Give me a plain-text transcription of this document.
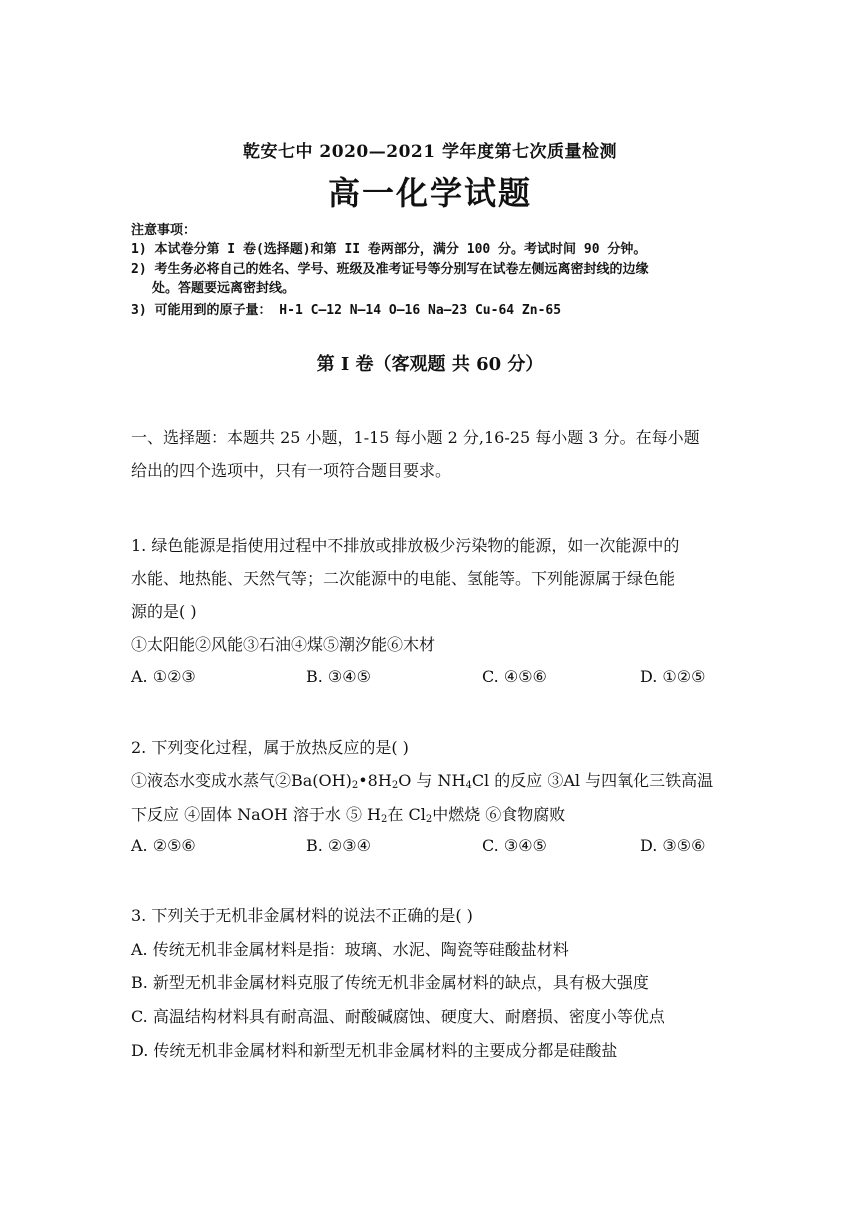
乾安七中 2020—2021 学年度第七次质量检测
高一化学试题
注意事项：
1) 本试卷分第 I 卷(选择题)和第 II 卷两部分，满分 100 分。考试时间 90 分钟。
2) 考生务必将自己的姓名、学号、班级及准考证号等分别写在试卷左侧远离密封线的边缘
处。答题要远离密封线。
3) 可能用到的原子量： H-1 C—12 N—14 O—16 Na—23 Cu-64 Zn-65
第 I 卷（客观题 共 60 分）
一、选择题：本题共 25 小题，1-15 每小题 2 分,16-25 每小题 3 分。在每小题
给出的四个选项中，只有一项符合题目要求。
1. 绿色能源是指使用过程中不排放或排放极少污染物的能源，如一次能源中的
水能、地热能、天然气等；二次能源中的电能、氢能等。下列能源属于绿色能
源的是( )
①太阳能②风能③石油④煤⑤潮汐能⑥木材
A. ①②③	B. ③④⑤	C. ④⑤⑥	D. ①②⑤
2. 下列变化过程，属于放热反应的是( )
①液态水变成水蒸气$②Ba(OH)_2•8H_2O$ 与 $NH_4Cl$ 的反应 ③Al 与四氧化三铁高温
下反应 ④固体 NaOH 溶于水 ⑤ $H_2$在 $Cl_2$中燃烧 ⑥食物腐败
A. ②⑤⑥	B. ②③④	C. ③④⑤	D. ③⑤⑥
3. 下列关于无机非金属材料的说法不正确的是( )
A. 传统无机非金属材料是指：玻璃、水泥、陶瓷等硅酸盐材料
B. 新型无机非金属材料克服了传统无机非金属材料的缺点，具有极大强度
C. 高温结构材料具有耐高温、耐酸碱腐蚀、硬度大、耐磨损、密度小等优点
D. 传统无机非金属材料和新型无机非金属材料的主要成分都是硅酸盐
